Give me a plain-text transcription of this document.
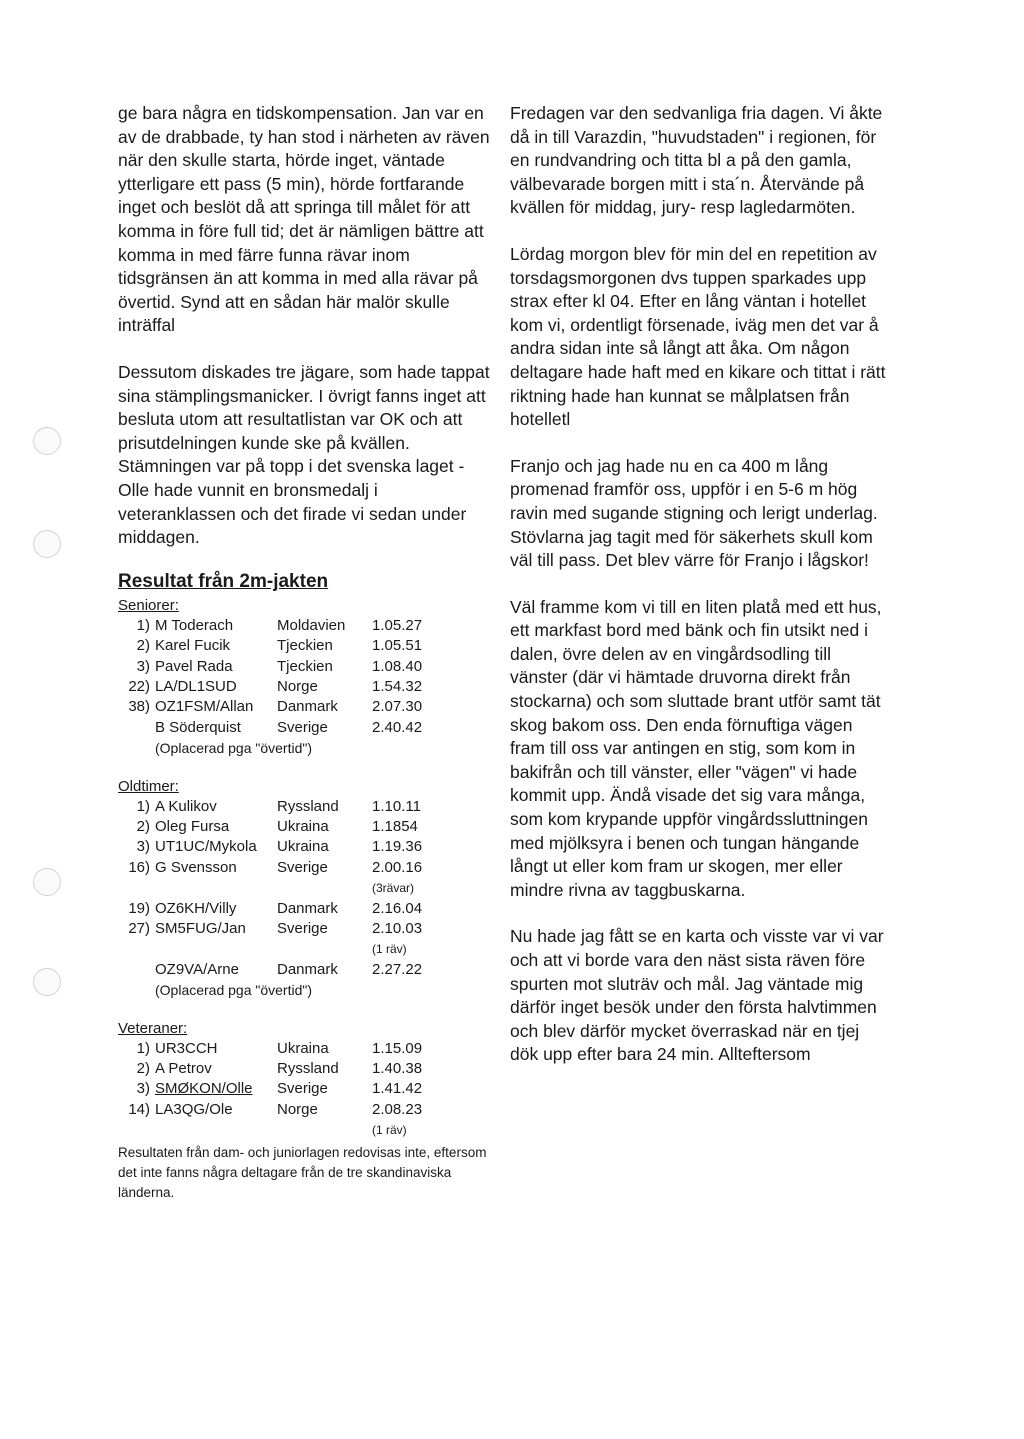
ge bara några en tidskompensation. Jan var en av de drabbade, ty han stod i närheten av räven när den skulle starta, hörde inget, väntade ytterligare ett pass (5 min), hörde fortfarande inget och beslöt då att springa till målet för att komma in före full tid; det är nämligen bättre att komma in med färre funna rävar inom tidsgränsen än att komma in med alla rävar på övertid. Synd att en sådan här malör skulle inträffal

Dessutom diskades tre jägare, som hade tappat sina stämplingsmanicker. I övrigt fanns inget att besluta utom att resultatlistan var OK och att prisutdelningen kunde ske på kvällen. Stämningen var på topp i det svenska laget - Olle hade vunnit en bronsmedalj i veteranklassen och det firade vi sedan under middagen.

Resultat från 2m-jakten
Seniorer:
1)	M Toderach	Moldavien	1.05.27
2)	Karel Fucik	Tjeckien	1.05.51
3)	Pavel Rada	Tjeckien	1.08.40
22)	LA/DL1SUD	Norge	1.54.32
38)	OZ1FSM/Allan	Danmark	2.07.30
	B Söderquist	Sverige	2.40.42
	(Oplacerad pga "övertid")		
Oldtimer:
1)	A Kulikov	Ryssland	1.10.11
2)	Oleg Fursa	Ukraina	1.1854
3)	UT1UC/Mykola	Ukraina	1.19.36
16)	G Svensson	Sverige	2.00.16
			(3rävar)
19)	OZ6KH/Villy	Danmark	2.16.04
27)	SM5FUG/Jan	Sverige	2.10.03
			(1 räv)
	OZ9VA/Arne	Danmark	2.27.22
	(Oplacerad pga "övertid")		
Veteraner:
1)	UR3CCH	Ukraina	1.15.09
2)	A Petrov	Ryssland	1.40.38
3)	SMØKON/Olle	Sverige	1.41.42
14)	LA3QG/Ole	Norge	2.08.23
			(1 räv)
Resultaten från dam- och juniorlagen redovisas inte, eftersom det inte fanns några deltagare från de tre skandinaviska länderna.

Fredagen var den sedvanliga fria dagen. Vi åkte då in till Varazdin, "huvudstaden" i regionen, för en rundvandring och titta bl a på den gamla, välbevarade borgen mitt i sta´n. Återvände på kvällen för middag, jury- resp lagledarmöten.

Lördag morgon blev för min del en repetition av torsdagsmorgonen dvs tuppen sparkades upp strax efter kl 04. Efter en lång väntan i hotellet kom vi, ordentligt försenade, iväg men det var å andra sidan inte så långt att åka. Om någon deltagare hade haft med en kikare och tittat i rätt riktning hade han kunnat se målplatsen från hotelletl

Franjo och jag hade nu en ca 400 m lång promenad framför oss, uppför i en 5-6 m hög ravin med sugande stigning och lerigt underlag. Stövlarna jag tagit med för säkerhets skull kom väl till pass. Det blev värre för Franjo i lågskor!

Väl framme kom vi till en liten platå med ett hus, ett markfast bord med bänk och fin utsikt ned i dalen, övre delen av en vingårdsodling till vänster (där vi hämtade druvorna direkt från stockarna) och som sluttade brant utför samt tät skog bakom oss. Den enda förnuftiga vägen fram till oss var antingen en stig, som kom in bakifrån och till vänster, eller "vägen" vi hade kommit upp. Ändå visade det sig vara många, som kom krypande uppför vingårdssluttningen med mjölksyra i benen och tungan hängande långt ut eller kom fram ur skogen, mer eller mindre rivna av taggbuskarna.

Nu hade jag fått se en karta och visste var vi var och att vi borde vara den näst sista räven före spurten mot sluträv och mål. Jag väntade mig därför inget besök under den första halvtimmen och blev därför mycket överraskad när en tjej dök upp efter bara 24 min. Allteftersom
